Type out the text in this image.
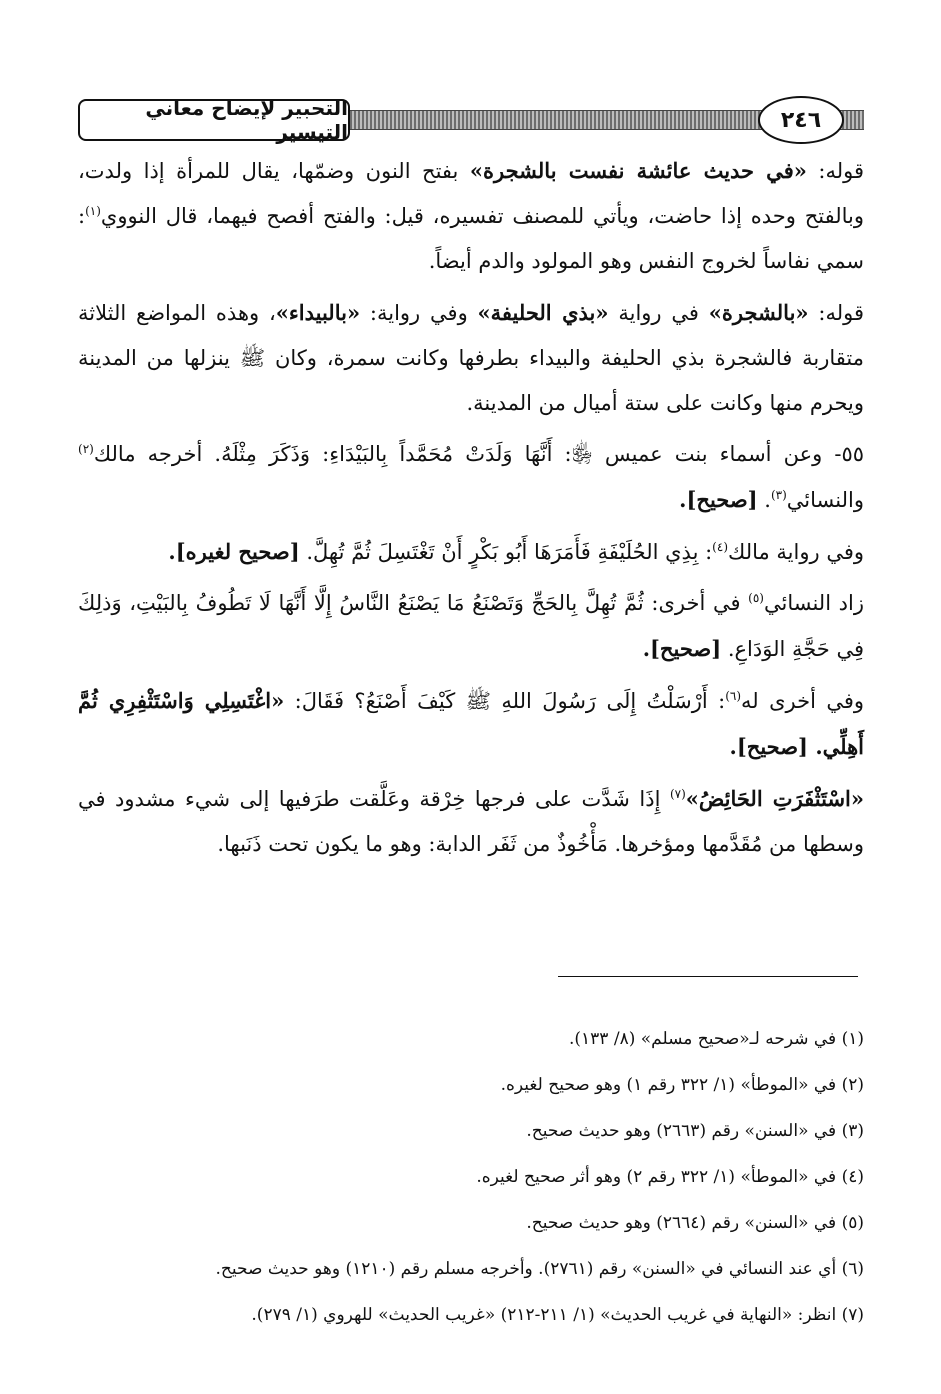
التحبير لإيضاح معاني التيسير	٢٤٦

قوله: «في حديث عائشة نفست بالشجرة» بفتح النون وضمّها، يقال للمرأة إذا ولدت، وبالفتح وحده إذا حاضت، ويأتي للمصنف تفسيره، قيل: والفتح أفصح فيهما، قال النووي$^{(١)}$: سمي نفاساً لخروج النفس وهو المولود والدم أيضاً.

قوله: «بالشجرة» في رواية «بذي الحليفة» وفي رواية: «بالبيداء»، وهذه المواضع الثلاثة متقاربة فالشجرة بذي الحليفة والبيداء بطرفها وكانت سمرة، وكان ﷺ ينزلها من المدينة ويحرم منها وكانت على ستة أميال من المدينة.

٥٥- وعن أسماء بنت عميس ﵂: أَنَّهَا وَلَدَتْ مُحَمَّداً بِالبَيْدَاءِ: وَذَكَرَ مِثْلَهُ. أخرجه مالك$^{(٢)}$ والنسائي$^{(٣)}$. [صحيح].

وفي رواية مالك$^{(٤)}$: بِذِي الحُلَيْفَةِ فَأَمَرَهَا أَبُو بَكْرٍ أَنْ تَغْتَسِلَ ثُمَّ تُهِلَّ. [صحيح لغيره].

زاد النسائي$^{(٥)}$ في أخرى: ثُمَّ تُهِلَّ بِالحَجِّ وَتَصْنَعُ مَا يَصْنَعُ النَّاسُ إِلَّا أَنَّهَا لَا تَطُوفُ بِالبَيْتِ، وَذلِكَ فِي حَجَّةِ الوَدَاعِ. [صحيح].

وفي أخرى له$^{(٦)}$: أَرْسَلْتُ إِلَى رَسُولَ اللهِ ﷺ كَيْفَ أَصْنَعُ؟ فَقَالَ: «اغْتَسِلِي وَاسْتَثْفِرِي ثُمَّ أَهِلِّي. [صحيح].

«اسْتَثْفَرَتِ الحَائِضُ»$^{(٧)}$ إِذَا شَدَّت على فرجها خِرْقة وعَلَّقت طرَفيها إلى شيء مشدود في وسطها من مُقَدَّمها ومؤخرها. مَأْخُوذٌ من ثَفَر الدابة: وهو ما يكون تحت ذَنَبها.

(١) في شرحه لـ«صحيح مسلم» (٨/ ١٣٣).

(٢) في «الموطأ» (١/ ٣٢٢ رقم ١) وهو صحيح لغيره.

(٣) في «السنن» رقم (٢٦٦٣) وهو حديث صحيح.

(٤) في «الموطأ» (١/ ٣٢٢ رقم ٢) وهو أثر صحيح لغيره.

(٥) في «السنن» رقم (٢٦٦٤) وهو حديث صحيح.

(٦) أي عند النسائي في «السنن» رقم (٢٧٦١). وأخرجه مسلم رقم (١٢١٠) وهو حديث صحيح.

(٧) انظر: «النهاية في غريب الحديث» (١/ ٢١١-٢١٢) «غريب الحديث» للهروي (١/ ٢٧٩).
